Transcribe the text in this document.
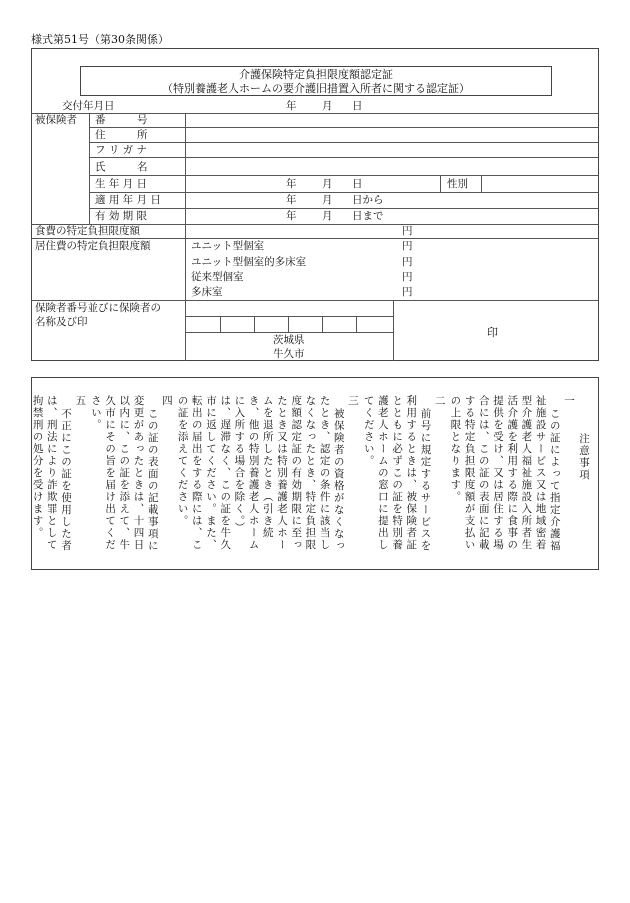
様式第51号（第30条関係）
介護保険特定負担限度額認定証
（特別養護老人ホームの要介護旧措置入所者に関する認定証）
交付年月日	年 月 日
被保険者 番　　　号
住　　　所
フ リ ガ ナ
氏　　　名
生 年 月 日	年 月 日	性別
適 用 年 月 日	年 月 日から
有 効 期 限	年 月 日まで
食費の特定負担限度額	円
居住費の特定負担限度額	ユニット型個室	円
ユニット型個室的多床室	円
従来型個室	円
多床室	円
保険者番号並びに保険者の
名称及び印
茨城県
牛久市
印
注意事項
一
この証によって指定介護福
祉施設サービス又は地域密着
型介護老人福祉施設入所者生
活介護を利用する際に食事の
提供を受け、又は居住する場
合には、この証の表面に記載
する特定負担限度額が支払い
の上限となります。
二
前号に規定するサービスを
利用するときは、被保険者証
とともに必ずこの証を特別養
護老人ホームの窓口に提出し
てください。
三
被保険者の資格がなくなっ
たとき、認定の条件に該当し
なくなったとき、特定負担限
度額認定証の有効期限に至っ
たとき又は特別養護老人ホー
ムを退所したとき（引き続
き、他の特別養護老人ホーム
に入所する場合を除く。）
は、遅滞なく、この証を牛久
市に返してください。また、
転出の届出をする際には、こ
の証を添えてください。
四
この証の表面の記載事項に
変更があったときは、十四日
以内に、この証を添えて、牛
久市にその旨を届け出てくだ
さい。
五
不正にこの証を使用した者
は、刑法により詐欺罪として
拘禁刑の処分を受けます。
